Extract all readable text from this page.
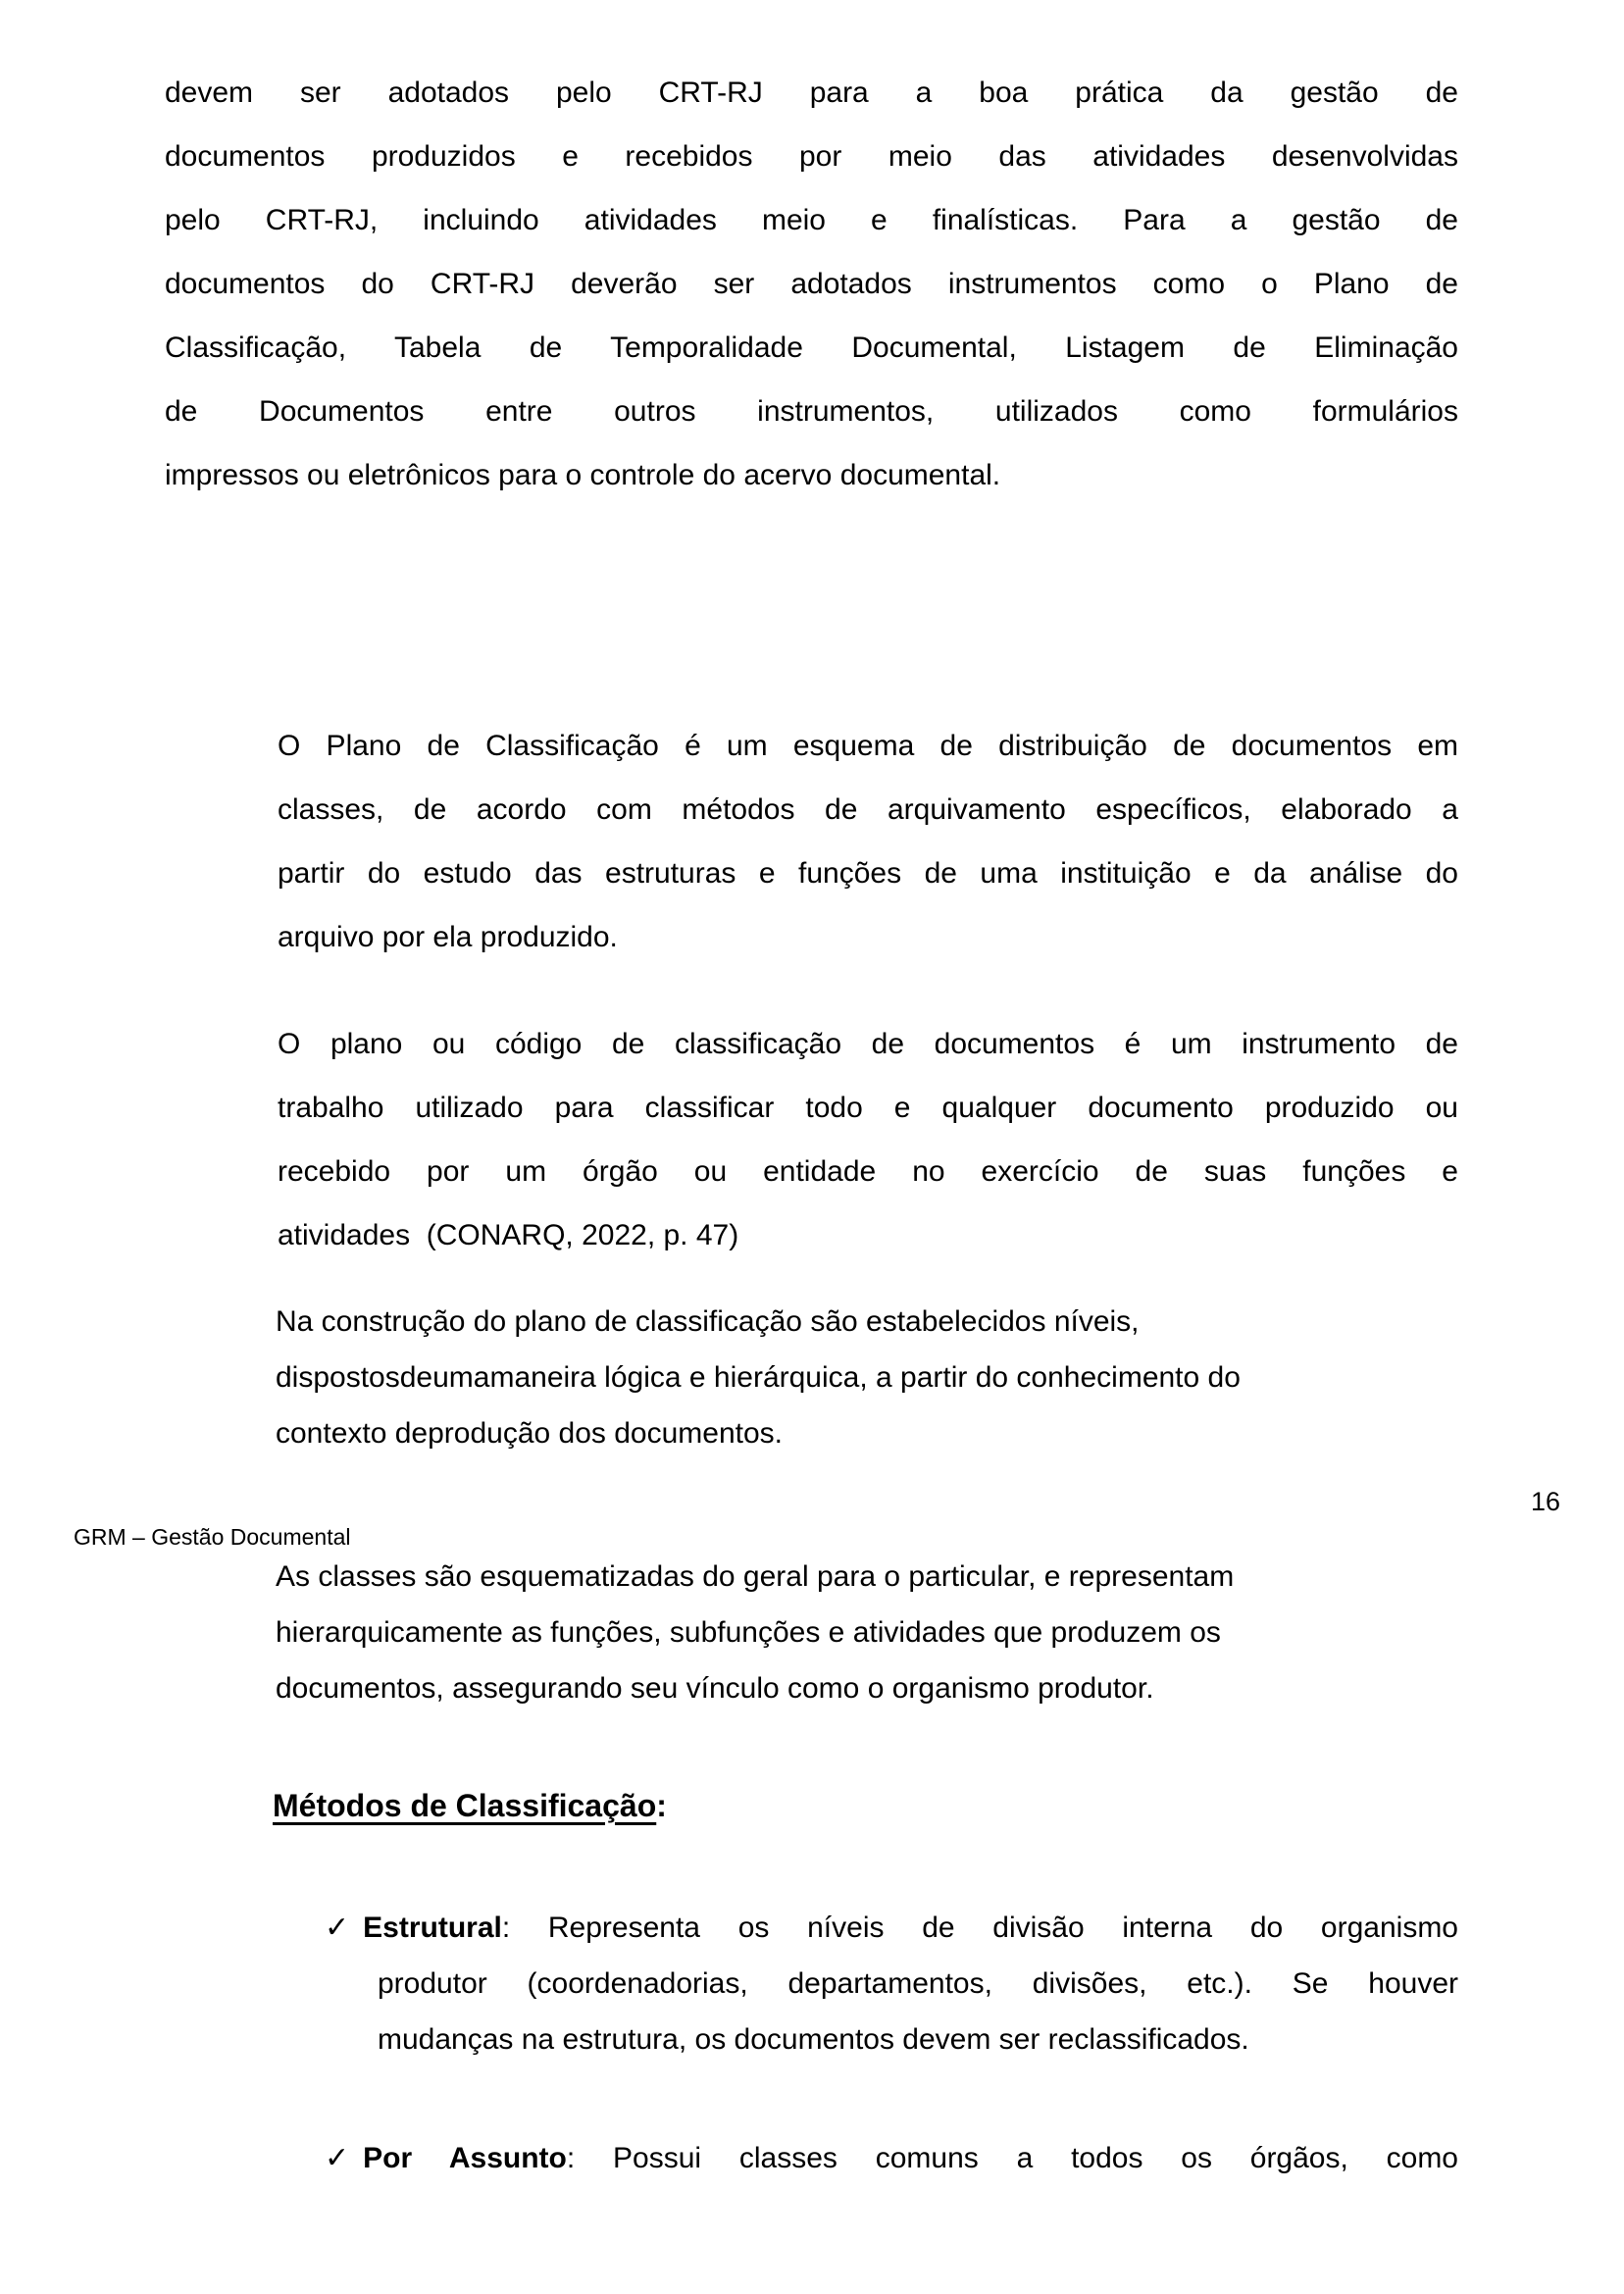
devem ser adotados pelo CRT-RJ para a boa prática da gestão de
documentos produzidos e recebidos por meio das atividades desenvolvidas
pelo CRT-RJ, incluindo atividades meio e finalísticas. Para a gestão de
documentos do CRT-RJ deverão ser adotados instrumentos como o Plano de
Classificação, Tabela de Temporalidade Documental, Listagem de Eliminação
de Documentos entre outros instrumentos, utilizados como formulários
impressos ou eletrônicos para o controle do acervo documental.
O Plano de Classificação é um esquema de distribuição de documentos em
classes, de acordo com métodos de arquivamento específicos, elaborado a
partir do estudo das estruturas e funções de uma instituição e da análise do
arquivo por ela produzido.
O plano ou código de classificação de documentos é um instrumento de
trabalho utilizado para classificar todo e qualquer documento produzido ou
recebido por um órgão ou entidade no exercício de suas funções e
atividades  (CONARQ, 2022, p. 47)
Na construção do plano de classificação são estabelecidos níveis,
dispostosdeumamaneira lógica e hierárquica, a partir do conhecimento do
contexto deprodução dos documentos.
16
GRM – Gestão Documental
As classes são esquematizadas do geral para o particular, e representam
hierarquicamente as funções, subfunções e atividades que produzem os
documentos, assegurando seu vínculo como o organismo produtor.
Métodos de Classificação:
✓ Estrutural: Representa os níveis de divisão interna do organismo
produtor (coordenadorias, departamentos, divisões, etc.). Se houver
mudanças na estrutura, os documentos devem ser reclassificados.
✓ Por Assunto: Possui classes comuns a todos os órgãos, como
